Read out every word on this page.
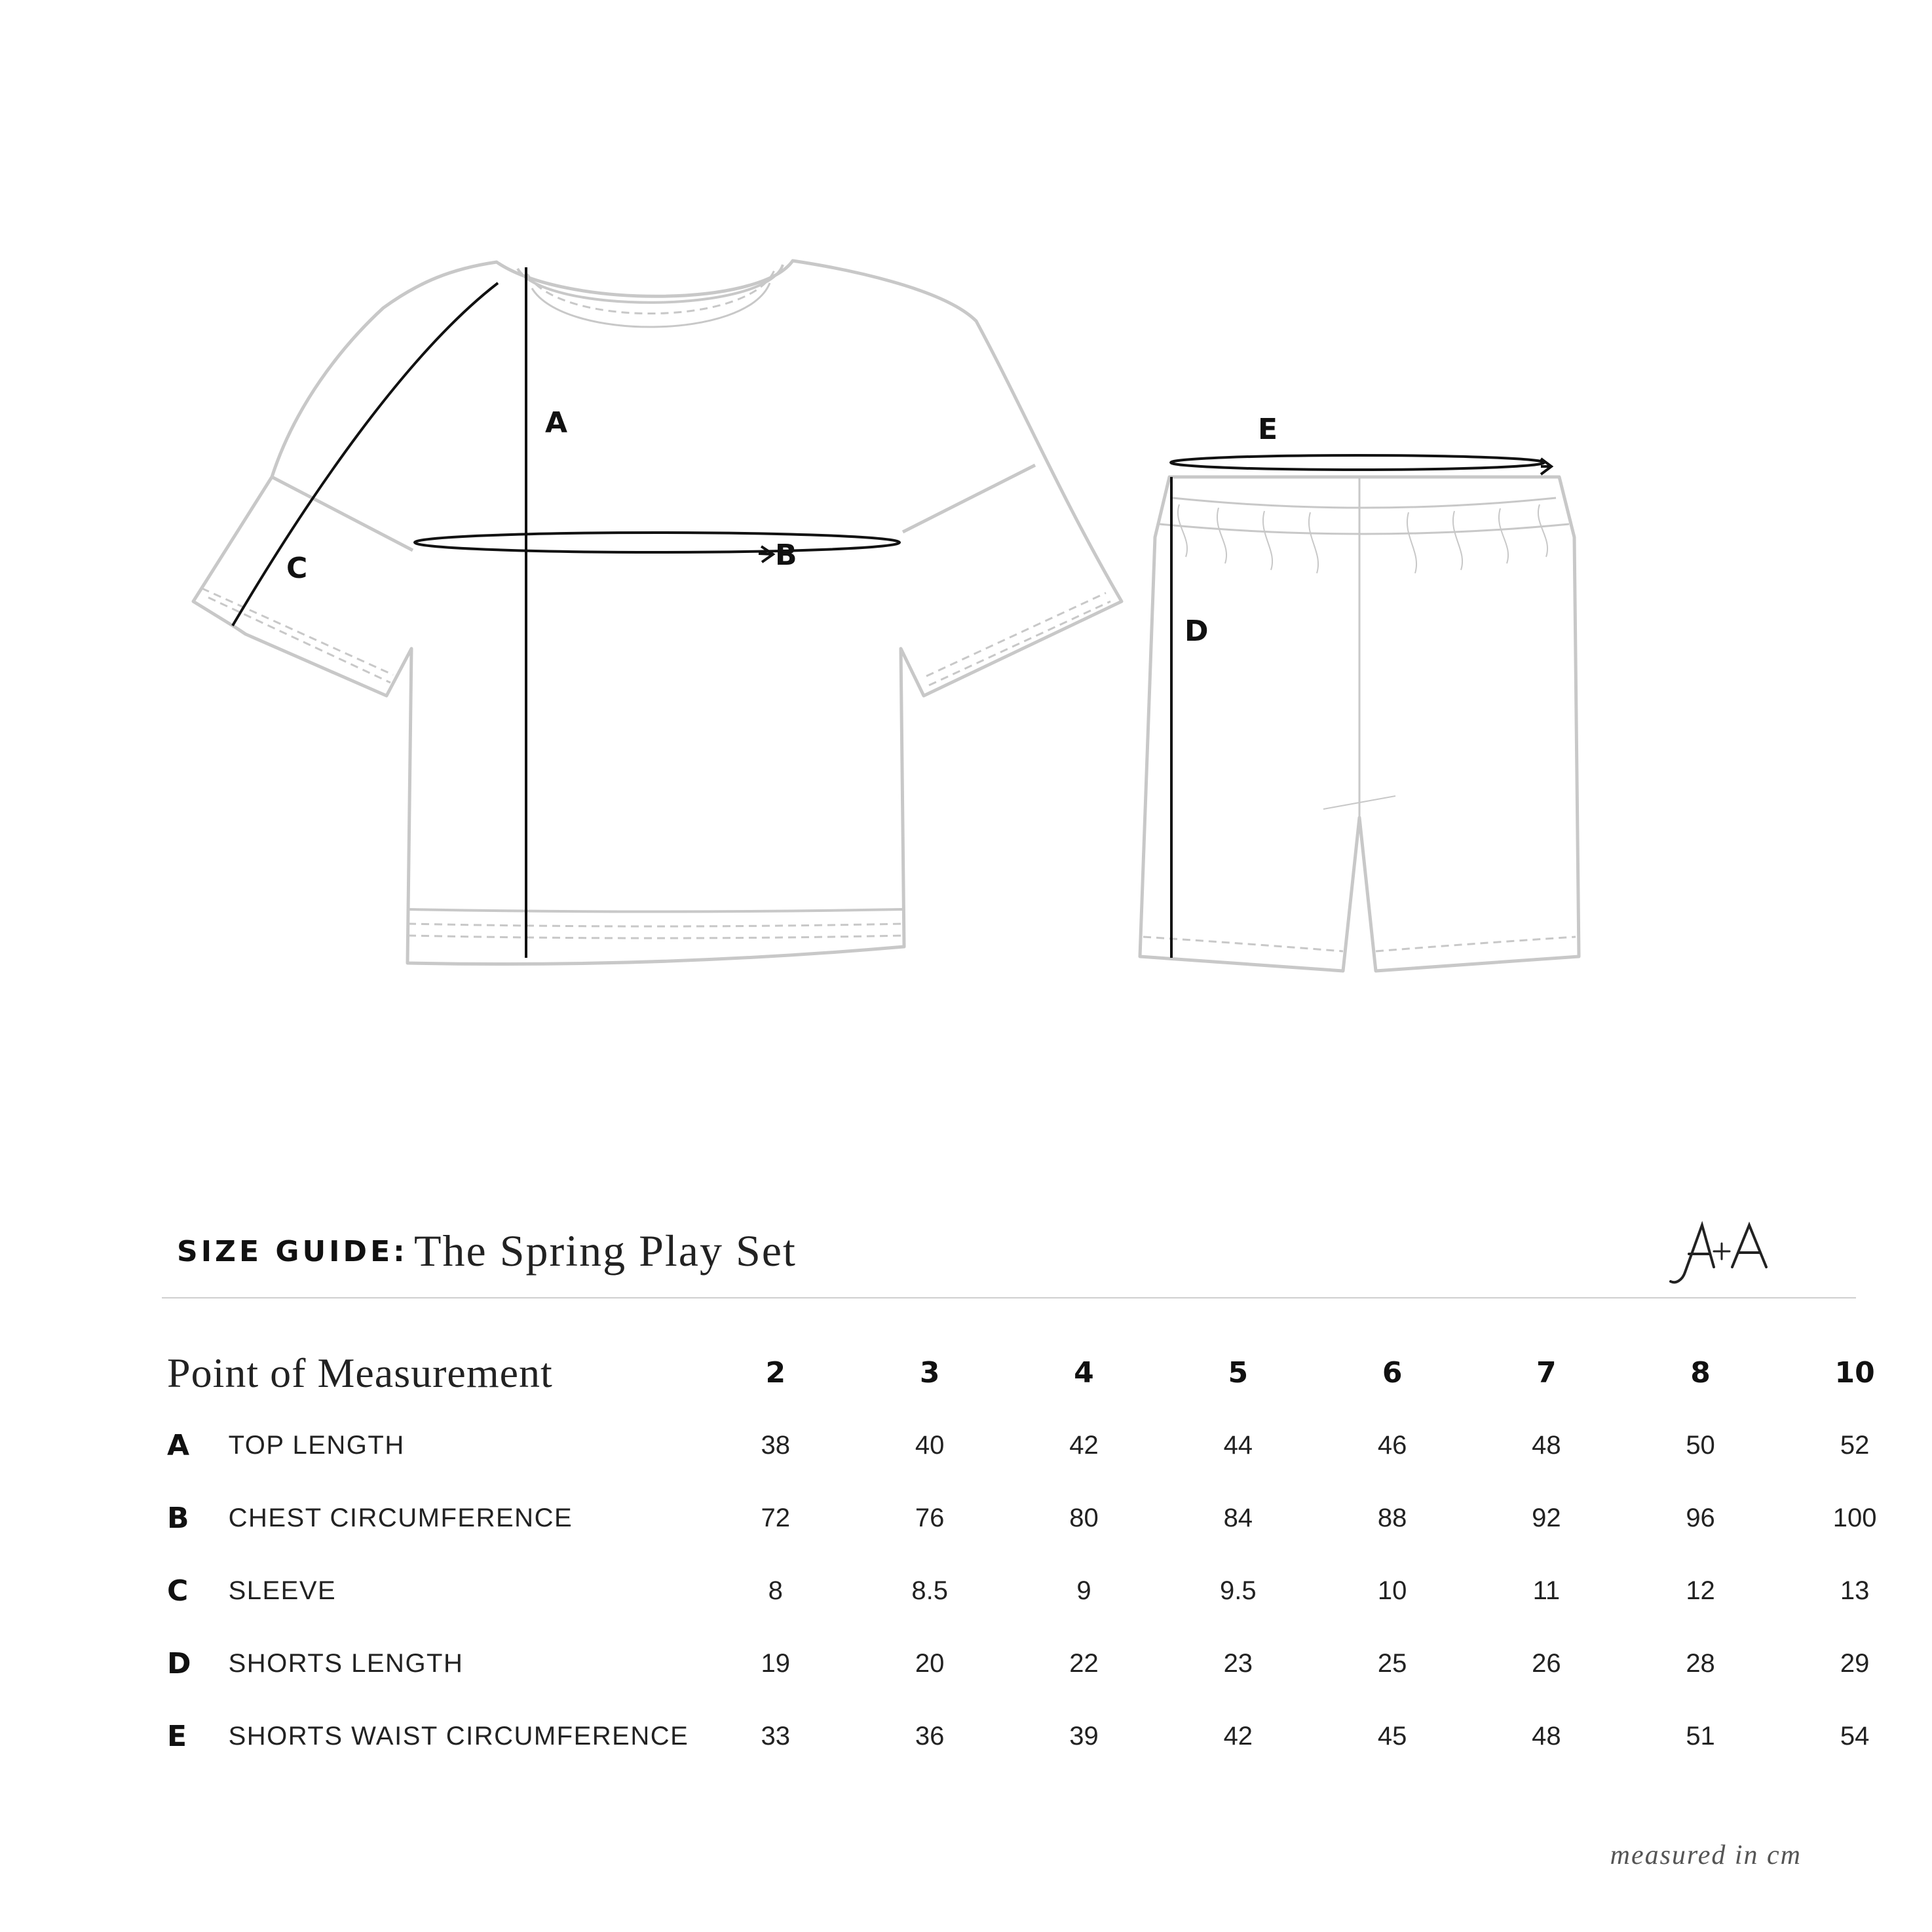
A
B
C
D
E
SIZE GUIDE: The Spring Play Set
Point of Measurement		2	3	4	5	6	7	8	10
A	TOP LENGTH	38	40	42	44	46	48	50	52
B	CHEST CIRCUMFERENCE	72	76	80	84	88	92	96	100
C	SLEEVE	8	8.5	9	9.5	10	11	12	13
D	SHORTS LENGTH	19	20	22	23	25	26	28	29
E	SHORTS WAIST CIRCUMFERENCE	33	36	39	42	45	48	51	54
measured in cm
